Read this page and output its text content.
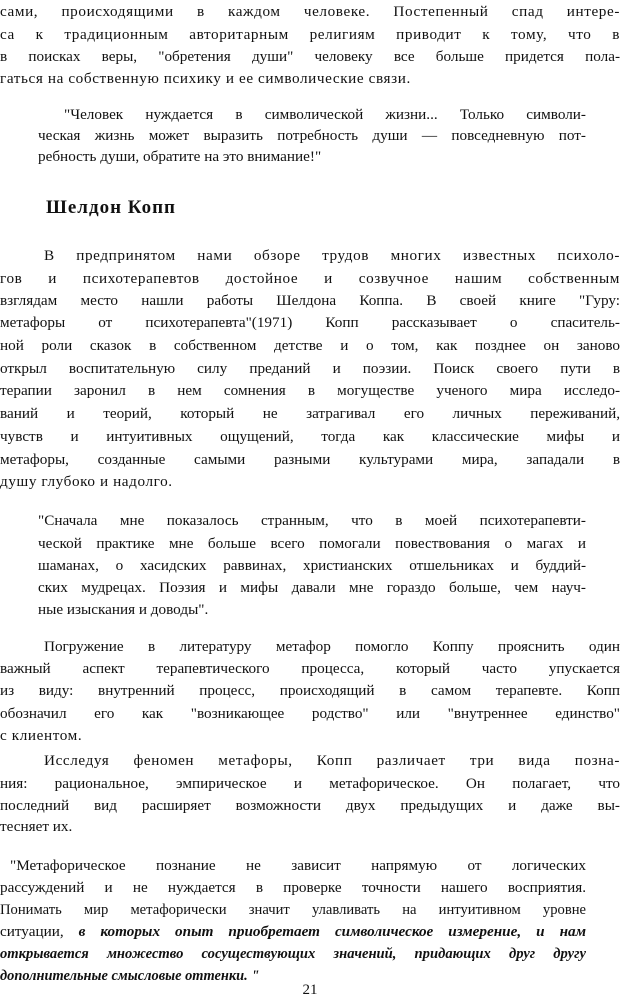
сами, происходящими в каждом человеке. Постепенный спад интере-
са к традиционным авторитарным религиям приводит к тому, что в
в поисках веры, "обретения души" человеку все больше придется пола-
гаться на собственную психику и ее символические связи.
"Человек нуждается в символической жизни... Только символи-
ческая жизнь может выразить потребность души — повседневную пот-
ребность души, обратите на это внимание!"
Шелдон Копп
В предпринятом нами обзоре трудов многих известных психоло-
гов и психотерапевтов достойное и созвучное нашим собственным
взглядам место нашли работы Шелдона Коппа. В своей книге "Гуру:
метафоры от психотерапевта"(1971) Копп рассказывает о спаситель-
ной роли сказок в собственном детстве и о том, как позднее он заново
открыл воспитательную силу преданий и поэзии. Поиск своего пути в
терапии заронил в нем сомнения в могуществе ученого мира исследо-
ваний и теорий, который не затрагивал его личных переживаний,
чувств и интуитивных ощущений, тогда как классические мифы и
метафоры, созданные самыми разными культурами мира, западали в
душу глубоко и надолго.
"Сначала мне показалось странным, что в моей психотерапевти-
ческой практике мне больше всего помогали повествования о магах и
шаманах, о хасидских раввинах, христианских отшельниках и буддий-
ских мудрецах. Поэзия и мифы давали мне гораздо больше, чем науч-
ные изыскания и доводы".
Погружение в литературу метафор помогло Коппу прояснить один
важный аспект терапевтического процесса, который часто упускается
из виду: внутренний процесс, происходящий в самом терапевте. Копп
обозначил его как "возникающее родство" или "внутреннее единство"
с клиентом.
Исследуя феномен метафоры, Копп различает три вида позна-
ния: рациональное, эмпирическое и метафорическое. Он полагает, что
последний вид расширяет возможности двух предыдущих и даже вы-
тесняет их.
"Метафорическое познание не зависит напрямую от логических
рассуждений и не нуждается в проверке точности нашего восприятия.
Понимать мир метафорически значит улавливать на интуитивном уровне
ситуации, в которых опыт приобретает символическое измерение, и нам
открывается множество сосуществующих значений, придающих друг другу
дополнительные смысловые оттенки. "
21
